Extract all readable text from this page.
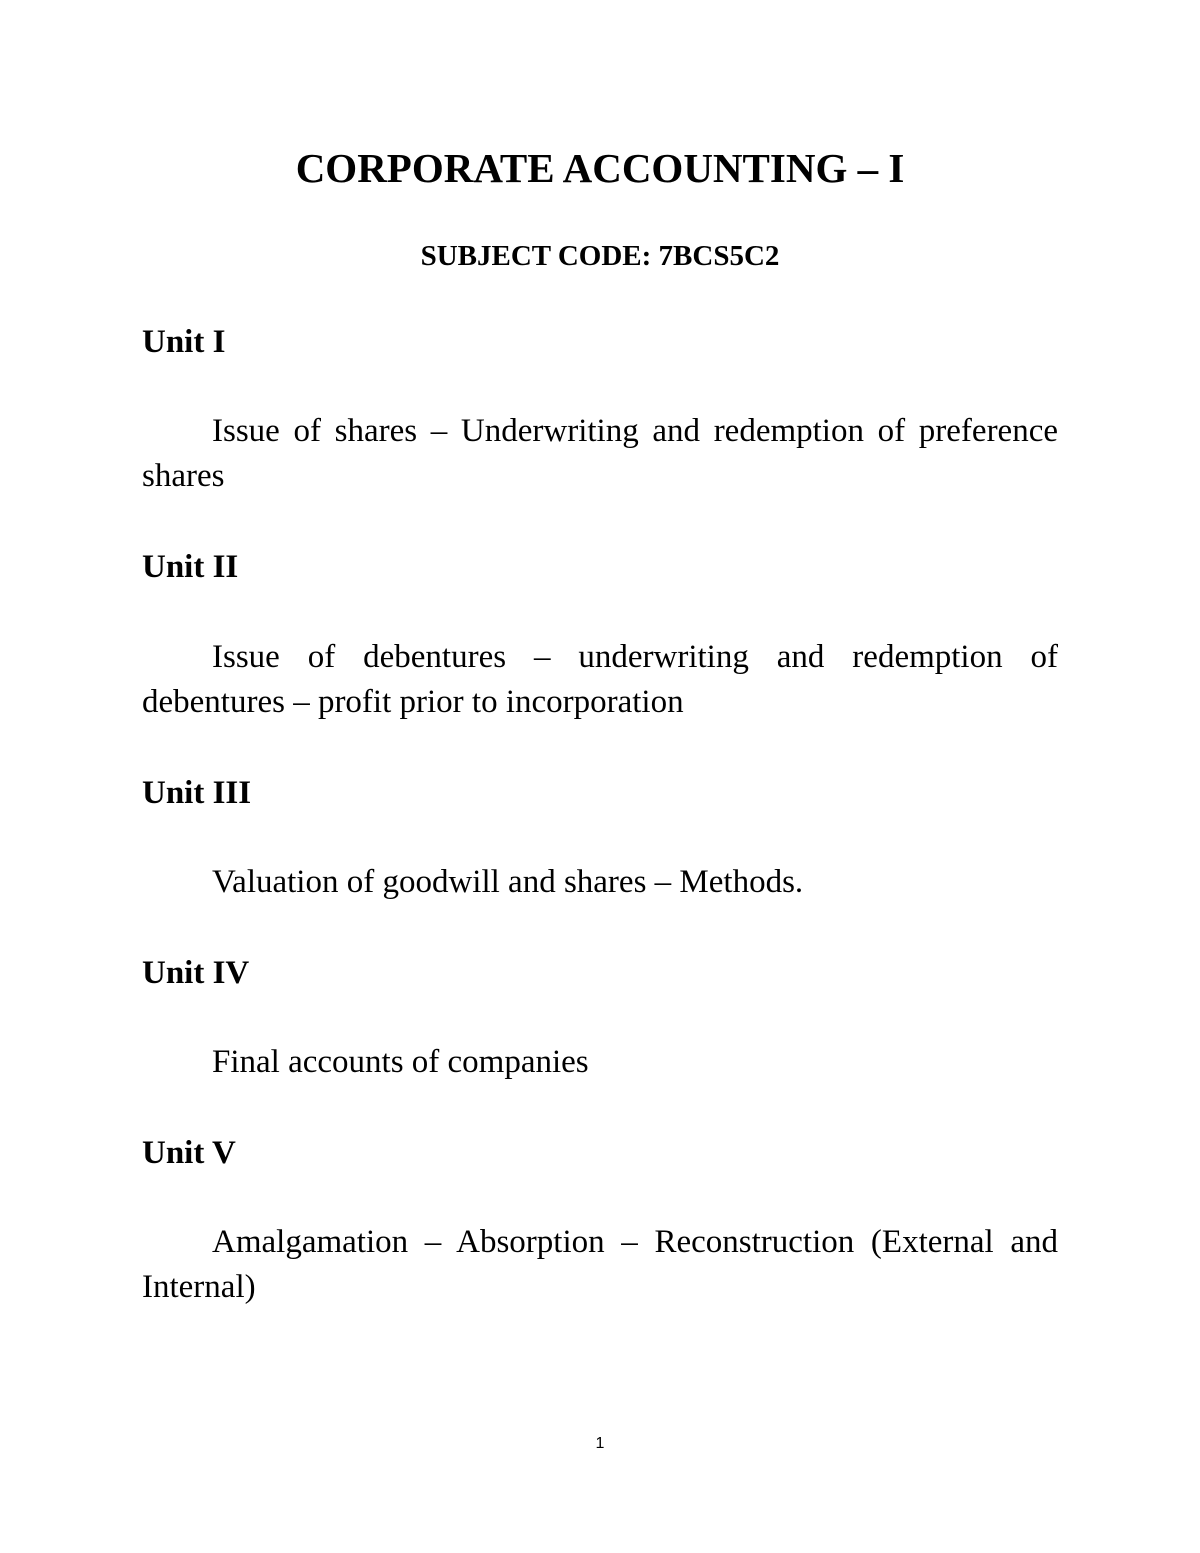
CORPORATE ACCOUNTING – I
SUBJECT CODE: 7BCS5C2
Unit I

Issue of shares – Underwriting and redemption of preference shares

Unit II

Issue of debentures – underwriting and redemption of debentures – profit prior to incorporation

Unit III

Valuation of goodwill and shares – Methods.

Unit IV

Final accounts of companies

Unit V

Amalgamation – Absorption – Reconstruction (External and Internal)

1
